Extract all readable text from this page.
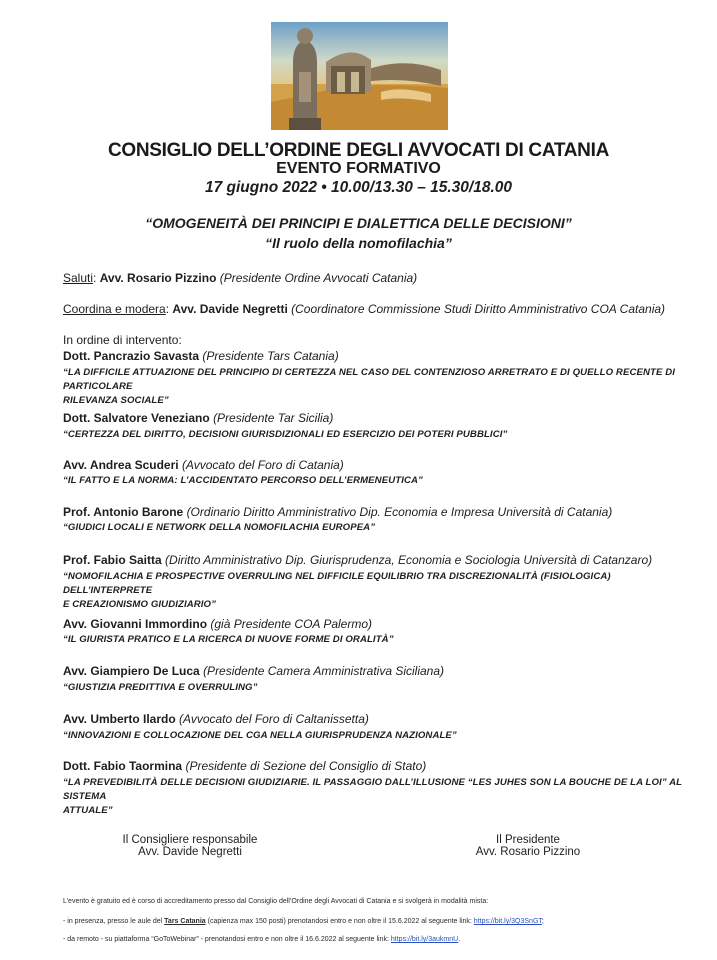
CONSIGLIO DELL’ORDINE DEGLI AVVOCATI DI CATANIA
EVENTO FORMATIVO
17 giugno 2022 • 10.00/13.30 – 15.30/18.00
“OMOGENEITÀ DEI PRINCIPI E DIALETTICA DELLE DECISIONI”
“Il ruolo della nomofilachia”
Saluti: Avv. Rosario Pizzino (Presidente Ordine Avvocati Catania)
Coordina e modera: Avv. Davide Negretti (Coordinatore Commissione Studi Diritto Amministrativo COA Catania)
In ordine di intervento:
Dott. Pancrazio Savasta (Presidente Tars Catania)
“LA DIFFICILE ATTUAZIONE DEL PRINCIPIO DI CERTEZZA NEL CASO DEL CONTENZIOSO ARRETRATO E DI QUELLO RECENTE DI PARTICOLARE
RILEVANZA SOCIALE”
Dott. Salvatore Veneziano (Presidente Tar Sicilia)
“CERTEZZA DEL DIRITTO, DECISIONI GIURISDIZIONALI ED ESERCIZIO DEI POTERI PUBBLICI”
Avv. Andrea Scuderi (Avvocato del Foro di Catania)
“IL FATTO E LA NORMA: L’ACCIDENTATO PERCORSO DELL’ERMENEUTICA”
Prof. Antonio Barone (Ordinario Diritto Amministrativo Dip. Economia e Impresa Università di Catania)
“GIUDICI LOCALI E NETWORK DELLA NOMOFILACHIA EUROPEA”
Prof. Fabio Saitta (Diritto Amministrativo Dip. Giurisprudenza, Economia e Sociologia Università di Catanzaro)
“NOMOFILACHIA E PROSPECTIVE OVERRULING NEL DIFFICILE EQUILIBRIO TRA DISCREZIONALITÀ (FISIOLOGICA) DELL’INTERPRETE
E CREAZIONISMO GIUDIZIARIO”
Avv. Giovanni Immordino (già Presidente COA Palermo)
“IL GIURISTA PRATICO E LA RICERCA DI NUOVE FORME DI ORALITÀ”
Avv. Giampiero De Luca (Presidente Camera Amministrativa Siciliana)
“GIUSTIZIA PREDITTIVA E OVERRULING”
Avv. Umberto Ilardo (Avvocato del Foro di Caltanissetta)
“INNOVAZIONI E COLLOCAZIONE DEL CGA NELLA GIURISPRUDENZA NAZIONALE”
Dott. Fabio Taormina (Presidente di Sezione del Consiglio di Stato)
“LA PREVEDIBILITÀ DELLE DECISIONI GIUDIZIARIE. IL PASSAGGIO DALL’ILLUSIONE “LES JUHES SON LA BOUCHE DE LA LOI” AL SISTEMA
ATTUALE”
Il Consigliere responsabile
Avv. Davide Negretti
Il Presidente
Avv. Rosario Pizzino
L’evento è gratuito ed è corso di accreditamento presso dal Consiglio dell’Ordine degli Avvocati di Catania e si svolgerà in modalità mista:
- in presenza, presso le aule del Tars Catania (capienza max 150 posti) prenotandosi entro e non oltre il 15.6.2022 al seguente link: https://bit.ly/3Q3SnGT;
- da remoto - su piattaforma “GoToWebinar” - prenotandosi entro e non oltre il 16.6.2022 al seguente link: https://bit.ly/3aukmnU.
